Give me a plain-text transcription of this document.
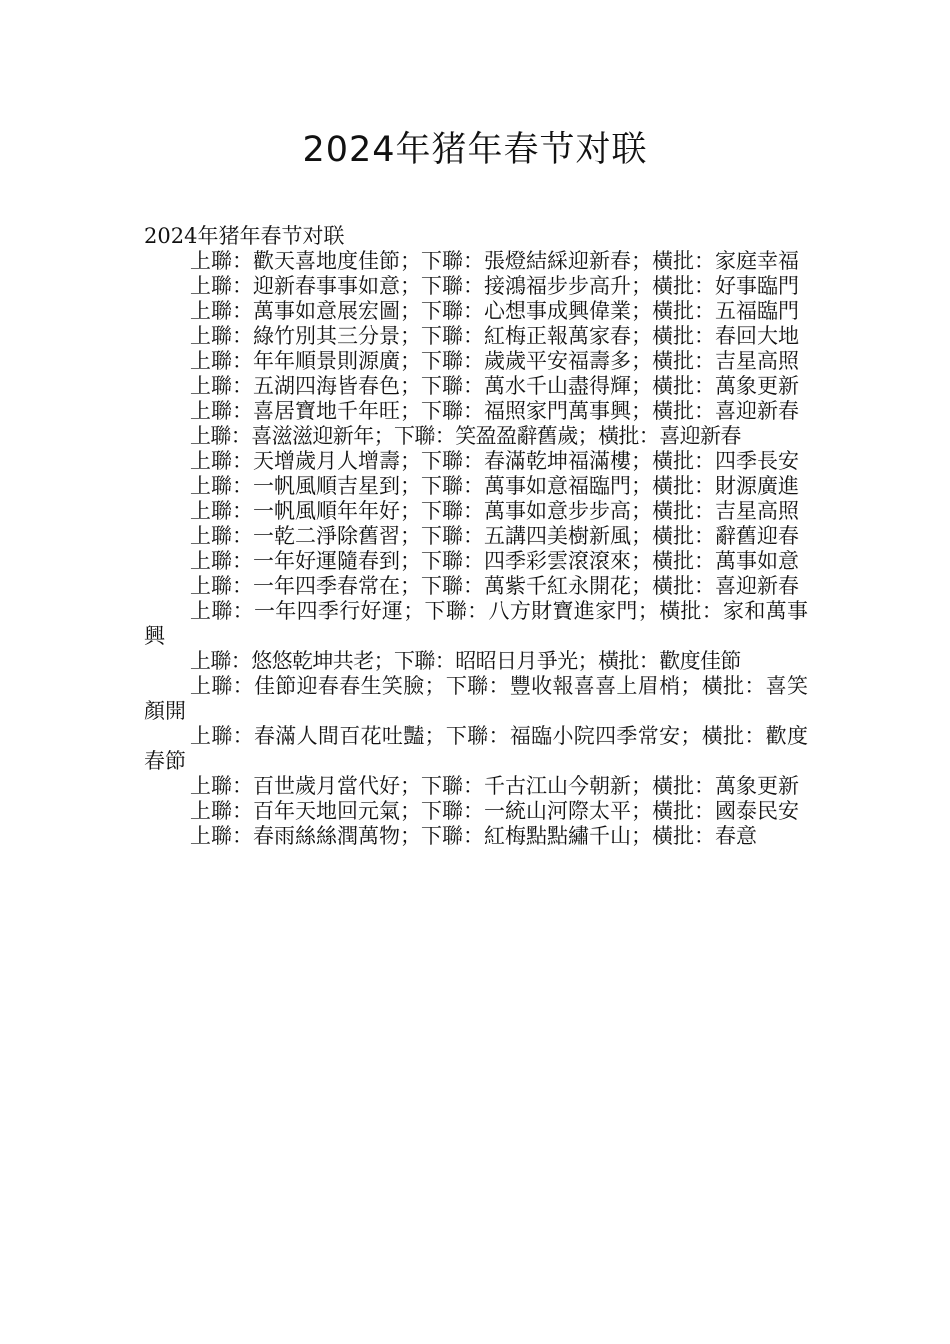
2024年猪年春节对联
2024年猪年春节对联
上聯：歡天喜地度佳節；下聯：張燈結綵迎新春；橫批：家庭幸福
上聯：迎新春事事如意；下聯：接鴻福步步高升；橫批：好事臨門
上聯：萬事如意展宏圖；下聯：心想事成興偉業；橫批：五福臨門
上聯：綠竹別其三分景；下聯：紅梅正報萬家春；橫批：春回大地
上聯：年年順景則源廣；下聯：歲歲平安福壽多；橫批：吉星高照
上聯：五湖四海皆春色；下聯：萬水千山盡得輝；橫批：萬象更新
上聯：喜居寶地千年旺；下聯：福照家門萬事興；橫批：喜迎新春
上聯：喜滋滋迎新年；下聯：笑盈盈辭舊歲；橫批：喜迎新春
上聯：天增歲月人增壽；下聯：春滿乾坤福滿樓；橫批：四季長安
上聯：一帆風順吉星到；下聯：萬事如意福臨門；橫批：財源廣進
上聯：一帆風順年年好；下聯：萬事如意步步高；橫批：吉星高照
上聯：一乾二淨除舊習；下聯：五講四美樹新風；橫批：辭舊迎春
上聯：一年好運隨春到；下聯：四季彩雲滾滾來；橫批：萬事如意
上聯：一年四季春常在；下聯：萬紫千紅永開花；橫批：喜迎新春
上聯：一年四季行好運；下聯：八方財寶進家門；橫批：家和萬事興
上聯：悠悠乾坤共老；下聯：昭昭日月爭光；橫批：歡度佳節
上聯：佳節迎春春生笑臉；下聯：豐收報喜喜上眉梢；橫批：喜笑顏開
上聯：春滿人間百花吐豔；下聯：福臨小院四季常安；橫批：歡度春節
上聯：百世歲月當代好；下聯：千古江山今朝新；橫批：萬象更新
上聯：百年天地回元氣；下聯：一統山河際太平；橫批：國泰民安
上聯：春雨絲絲潤萬物；下聯：紅梅點點繡千山；橫批：春意
